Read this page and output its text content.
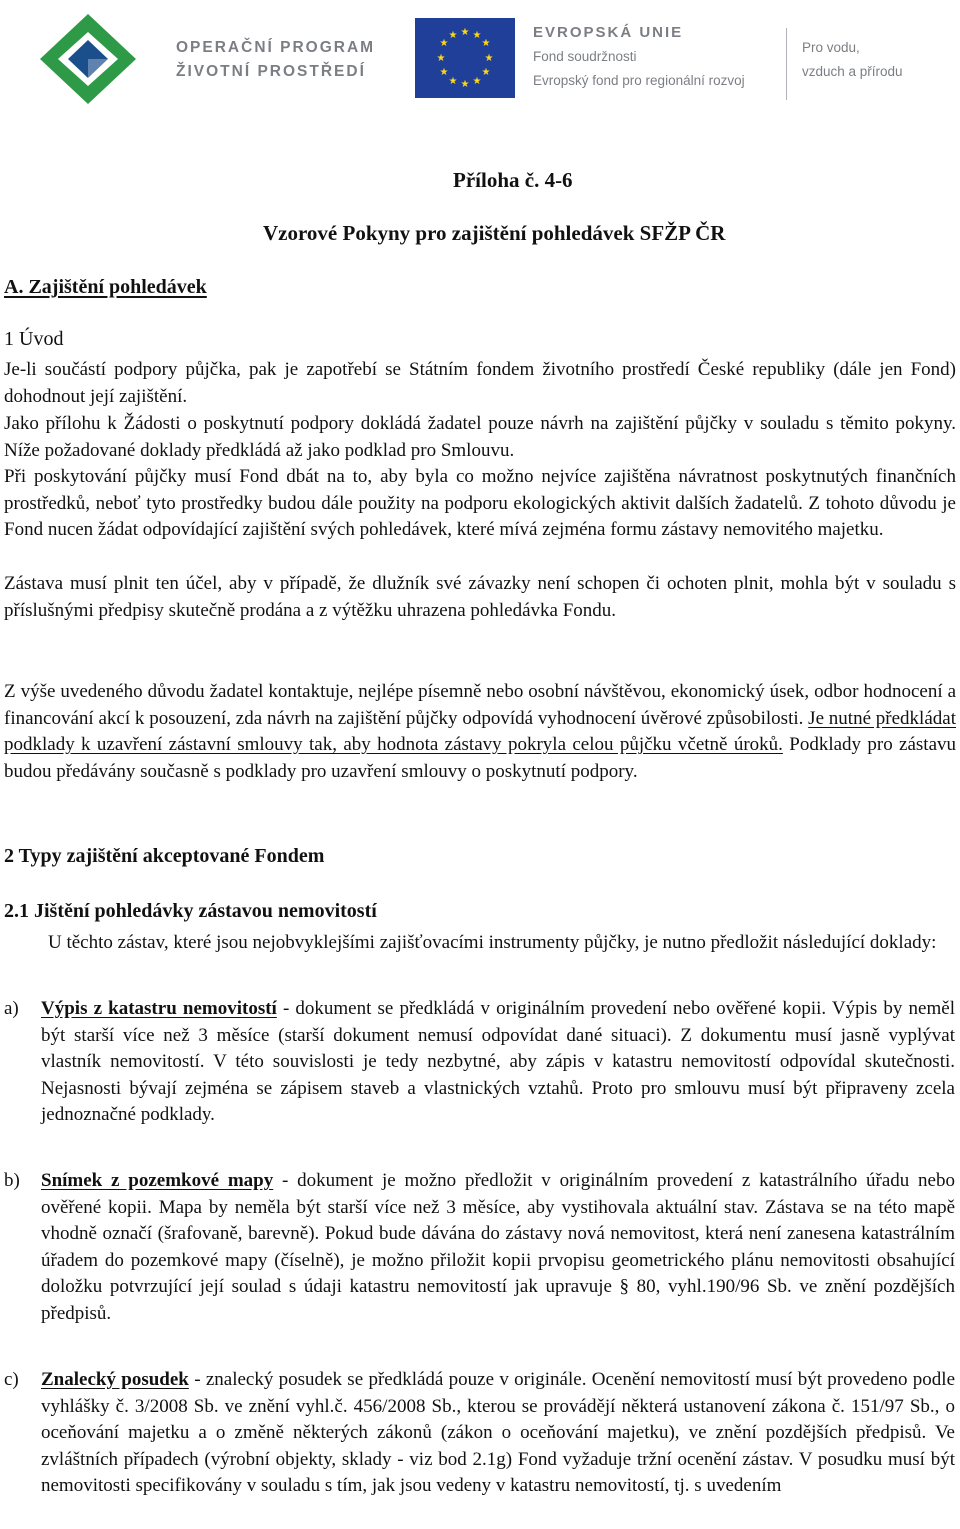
OPERAČNÍ PROGRAM
ŽIVOTNÍ PROSTŘEDÍ
★ ★
★
★
★
★
★
★
★
★
★
★	EVROPSKÁ UNIE
Fond soudržnosti
Evropský fond pro regionální rozvoj
Pro vodu,
vzduch a přírodu
Příloha č. 4-6
Vzorové Pokyny pro zajištění pohledávek SFŽP ČR
A. Zajištění pohledávek
1 Úvod
Je-li součástí podpory půjčka, pak je zapotřebí se Státním fondem životního prostředí České republiky (dále jen Fond) dohodnout její zajištění.
Jako přílohu k Žádosti o poskytnutí podpory dokládá žadatel pouze návrh na zajištění půjčky v souladu s těmito pokyny. Níže požadované doklady předkládá až jako podklad pro Smlouvu.
Při poskytování půjčky musí Fond dbát na to, aby byla co možno nejvíce zajištěna návratnost poskytnutých finančních prostředků, neboť tyto prostředky budou dále použity na podporu ekologických aktivit dalších žadatelů. Z tohoto důvodu je Fond nucen žádat odpovídající zajištění svých pohledávek, které mívá zejména formu zástavy nemovitého majetku.
Zástava musí plnit ten účel, aby v případě, že dlužník své závazky není schopen či ochoten plnit, mohla být v souladu s příslušnými předpisy skutečně prodána a z výtěžku uhrazena pohledávka Fondu.
Z výše uvedeného důvodu žadatel kontaktuje, nejlépe písemně nebo osobní návštěvou, ekonomický úsek, odbor hodnocení a financování akcí k posouzení, zda návrh na zajištění půjčky odpovídá vyhodnocení úvěrové způsobilosti. Je nutné předkládat podklady k uzavření zástavní smlouvy tak, aby hodnota zástavy pokryla celou půjčku včetně úroků. Podklady pro zástavu budou předávány současně s podklady pro uzavření smlouvy o poskytnutí podpory.
2 Typy zajištění akceptované Fondem
2.1 Jištění pohledávky zástavou nemovitostí
U těchto zástav, které jsou nejobvyklejšími zajišťovacími instrumenty půjčky, je nutno předložit následující doklady:
a) Výpis z katastru nemovitostí - dokument se předkládá v originálním provedení nebo ověřené kopii. Výpis by neměl být starší více než 3 měsíce (starší dokument nemusí odpovídat dané situaci). Z dokumentu musí jasně vyplývat vlastník nemovitostí. V této souvislosti je tedy nezbytné, aby zápis v katastru nemovitostí odpovídal skutečnosti. Nejasnosti bývají zejména se zápisem staveb a vlastnických vztahů. Proto pro smlouvu musí být připraveny zcela jednoznačné podklady.
b) Snímek z pozemkové mapy - dokument je možno předložit v originálním provedení z katastrálního úřadu nebo ověřené kopii. Mapa by neměla být starší více než 3 měsíce, aby vystihovala aktuální stav. Zástava se na této mapě vhodně označí (šrafovaně, barevně). Pokud bude dávána do zástavy nová nemovitost, která není zanesena katastrálním úřadem do pozemkové mapy (číselně), je možno přiložit kopii prvopisu geometrického plánu nemovitosti obsahující doložku potvrzující její soulad s údaji katastru nemovitostí jak upravuje § 80, vyhl.190/96 Sb. ve znění pozdějších předpisů.
c) Znalecký posudek - znalecký posudek se předkládá pouze v originále. Ocenění nemovitostí musí být provedeno podle vyhlášky č. 3/2008 Sb. ve znění vyhl.č. 456/2008 Sb., kterou se provádějí některá ustanovení zákona č. 151/97 Sb., o oceňování majetku a o změně některých zákonů (zákon o oceňování majetku), ve znění pozdějších předpisů. Ve zvláštních případech (výrobní objekty, sklady - viz bod 2.1g) Fond vyžaduje tržní ocenění zástav. V posudku musí být nemovitosti specifikovány v souladu s tím, jak jsou vedeny v katastru nemovitostí, tj. s uvedením
